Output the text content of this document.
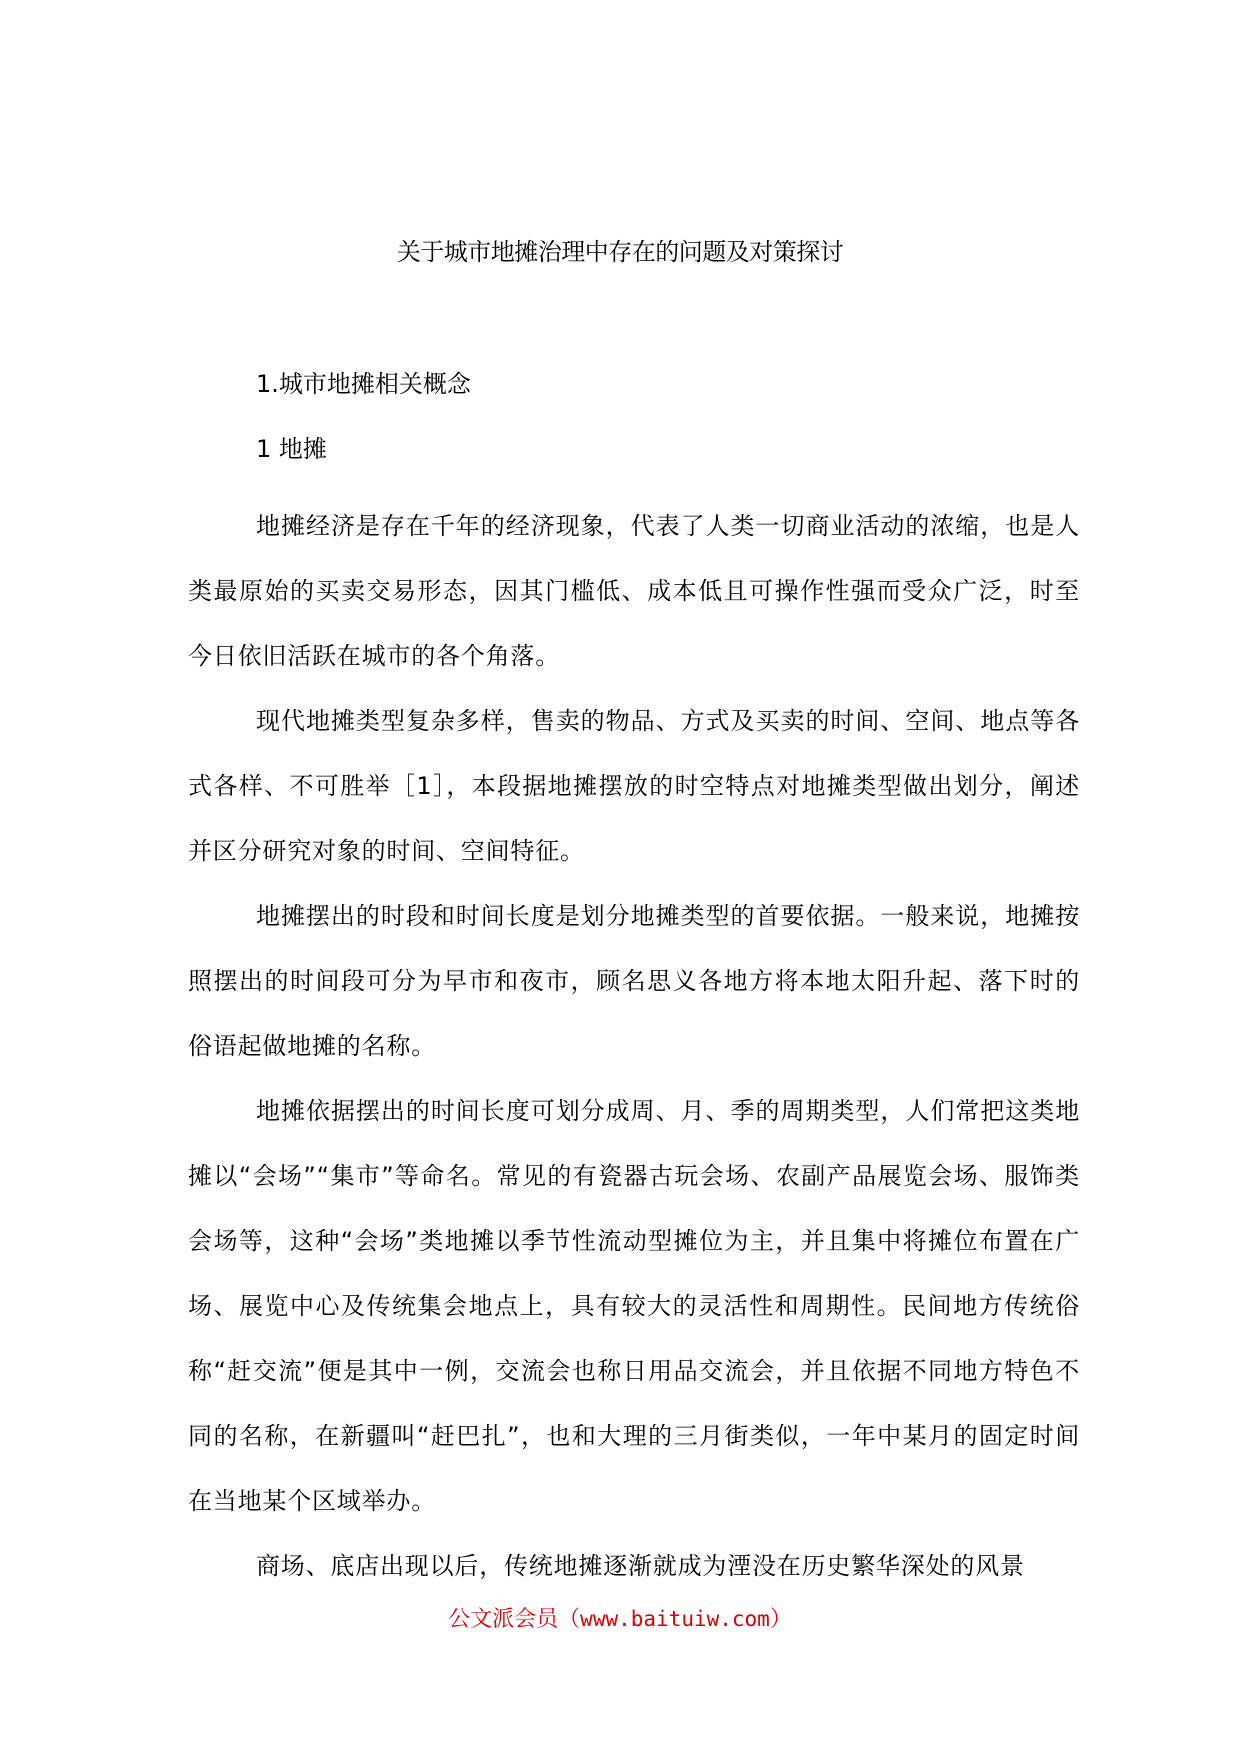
关于城市地摊治理中存在的问题及对策探讨
1.城市地摊相关概念
1 地摊

地摊经济是存在千年的经济现象，代表了人类一切商业活动的浓缩，也是人类最原始的买卖交易形态，因其门槛低、成本低且可操作性强而受众广泛，时至今日依旧活跃在城市的各个角落。

现代地摊类型复杂多样，售卖的物品、方式及买卖的时间、空间、地点等各式各样、不可胜举［1］，本段据地摊摆放的时空特点对地摊类型做出划分，阐述并区分研究对象的时间、空间特征。

地摊摆出的时段和时间长度是划分地摊类型的首要依据。一般来说，地摊按照摆出的时间段可分为早市和夜市，顾名思义各地方将本地太阳升起、落下时的俗语起做地摊的名称。

地摊依据摆出的时间长度可划分成周、月、季的周期类型，人们常把这类地摊以“会场”“集市”等命名。常见的有瓷器古玩会场、农副产品展览会场、服饰类会场等，这种“会场”类地摊以季节性流动型摊位为主，并且集中将摊位布置在广场、展览中心及传统集会地点上，具有较大的灵活性和周期性。民间地方传统俗称“赶交流”便是其中一例，交流会也称日用品交流会，并且依据不同地方特色不同的名称，在新疆叫“赶巴扎”，也和大理的三月街类似，一年中某月的固定时间在当地某个区域举办。

商场、底店出现以后，传统地摊逐渐就成为湮没在历史繁华深处的风景

公文派会员（www.baituiw.com）
